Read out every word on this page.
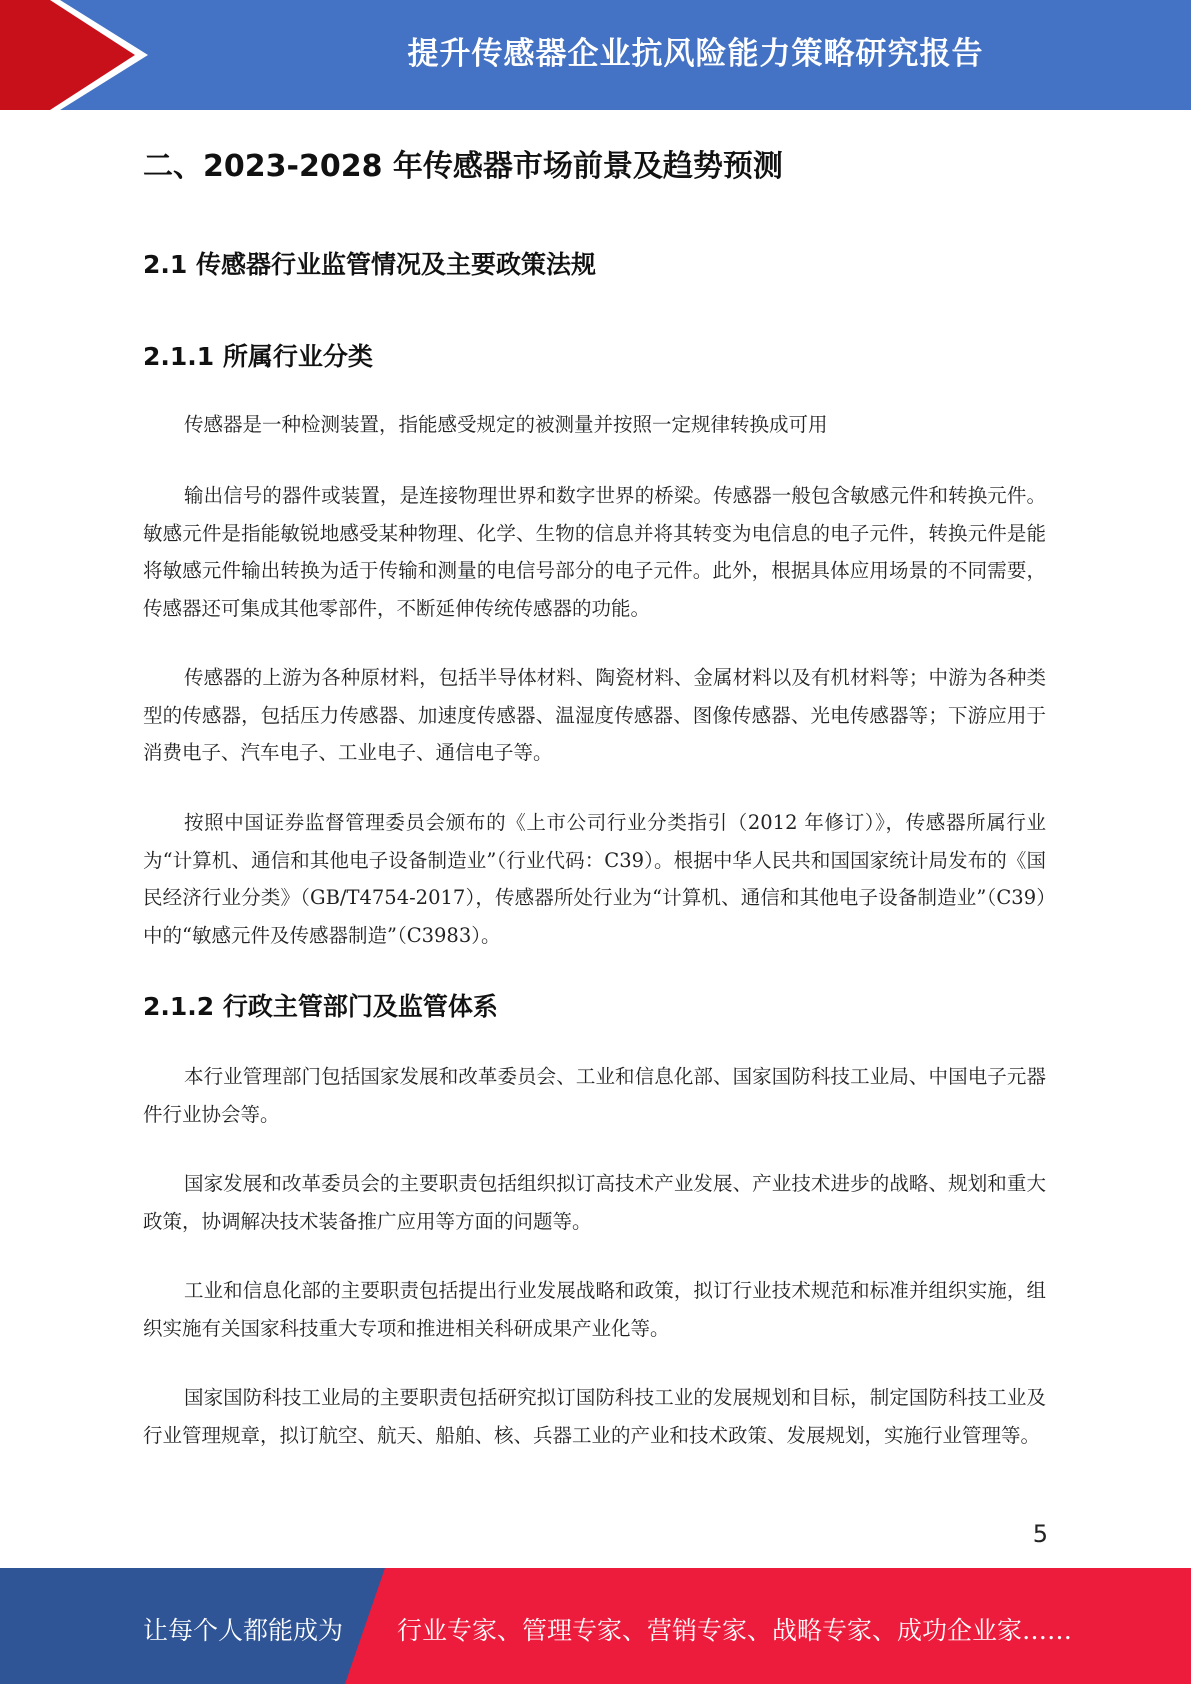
提升传感器企业抗风险能力策略研究报告
二、2023-2028 年传感器市场前景及趋势预测
2.1 传感器行业监管情况及主要政策法规
2.1.1 所属行业分类

传感器是一种检测装置，指能感受规定的被测量并按照一定规律转换成可用

输出信号的器件或装置，是连接物理世界和数字世界的桥梁。传感器一般包含敏感元件和转换元件。敏感元件是指能敏锐地感受某种物理、化学、生物的信息并将其转变为电信息的电子元件，转换元件是能将敏感元件输出转换为适于传输和测量的电信号部分的电子元件。此外，根据具体应用场景的不同需要，传感器还可集成其他零部件，不断延伸传统传感器的功能。

传感器的上游为各种原材料，包括半导体材料、陶瓷材料、金属材料以及有机材料等；中游为各种类型的传感器，包括压力传感器、加速度传感器、温湿度传感器、图像传感器、光电传感器等；下游应用于消费电子、汽车电子、工业电子、通信电子等。

按照中国证券监督管理委员会颁布的《上市公司行业分类指引（2012 年修订）》，传感器所属行业为“计算机、通信和其他电子设备制造业”（行业代码：C39）。根据中华人民共和国国家统计局发布的《国民经济行业分类》（GB/T4754-2017），传感器所处行业为“计算机、通信和其他电子设备制造业”（C39）中的“敏感元件及传感器制造”（C3983）。

2.1.2 行政主管部门及监管体系

本行业管理部门包括国家发展和改革委员会、工业和信息化部、国家国防科技工业局、中国电子元器件行业协会等。

国家发展和改革委员会的主要职责包括组织拟订高技术产业发展、产业技术进步的战略、规划和重大政策，协调解决技术装备推广应用等方面的问题等。

工业和信息化部的主要职责包括提出行业发展战略和政策，拟订行业技术规范和标准并组织实施，组织实施有关国家科技重大专项和推进相关科研成果产业化等。

国家国防科技工业局的主要职责包括研究拟订国防科技工业的发展规划和目标，制定国防科技工业及行业管理规章，拟订航空、航天、船舶、核、兵器工业的产业和技术政策、发展规划，实施行业管理等。

5
让每个人都能成为 行业专家、管理专家、营销专家、战略专家、成功企业家……
